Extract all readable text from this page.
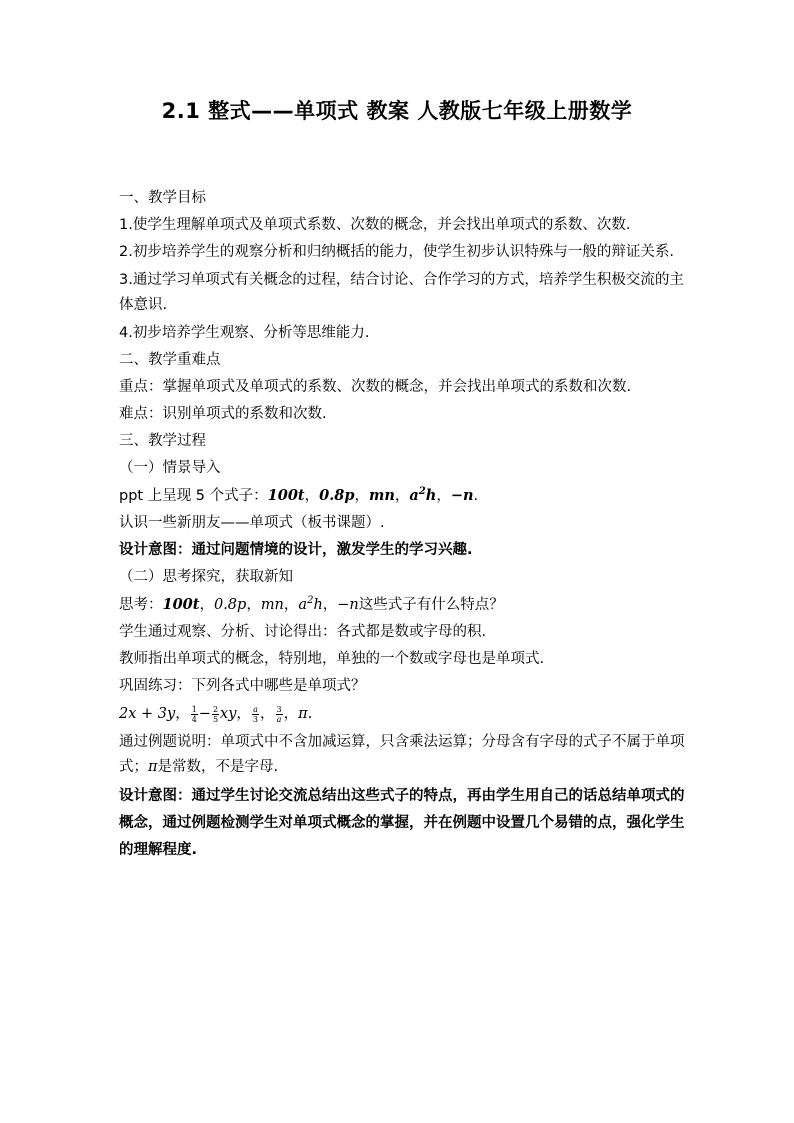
2.1 整式——单项式 教案 人教版七年级上册数学

一、教学目标

1.使学生理解单项式及单项式系数、次数的概念，并会找出单项式的系数、次数.

2.初步培养学生的观察分析和归纳概括的能力，使学生初步认识特殊与一般的辩证关系.

3.通过学习单项式有关概念的过程，结合讨论、合作学习的方式，培养学生积极交流的主体意识.

4.初步培养学生观察、分析等思维能力.

二、教学重难点

重点：掌握单项式及单项式的系数、次数的概念，并会找出单项式的系数和次数.

难点：识别单项式的系数和次数.

三、教学过程

（一）情景导入

ppt 上呈现 5 个式子：100t，0.8p，mn，$a^2h$，−n.

认识一些新朋友——单项式（板书课题）.

设计意图：通过问题情境的设计，激发学生的学习兴趣.

（二）思考探究，获取新知

思考：100t，0.8p，mn，$a^2h$，−n这些式子有什么特点？

学生通过观察、分析、讨论得出：各式都是数或字母的积.

教师指出单项式的概念，特别地，单独的一个数或字母也是单项式.

巩固练习：下列各式中哪些是单项式？

2x + 3y， $\frac{1}{4} - \frac{2}{5}$ xy， $\frac{a}{3}$ ， $\frac{3}{a}$ ，π.

通过例题说明：单项式中不含加减运算，只含乘法运算；分母含有字母的式子不属于单项式；π是常数，不是字母.

设计意图：通过学生讨论交流总结出这些式子的特点，再由学生用自己的话总结单项式的概念，通过例题检测学生对单项式概念的掌握，并在例题中设置几个易错的点，强化学生的理解程度.
